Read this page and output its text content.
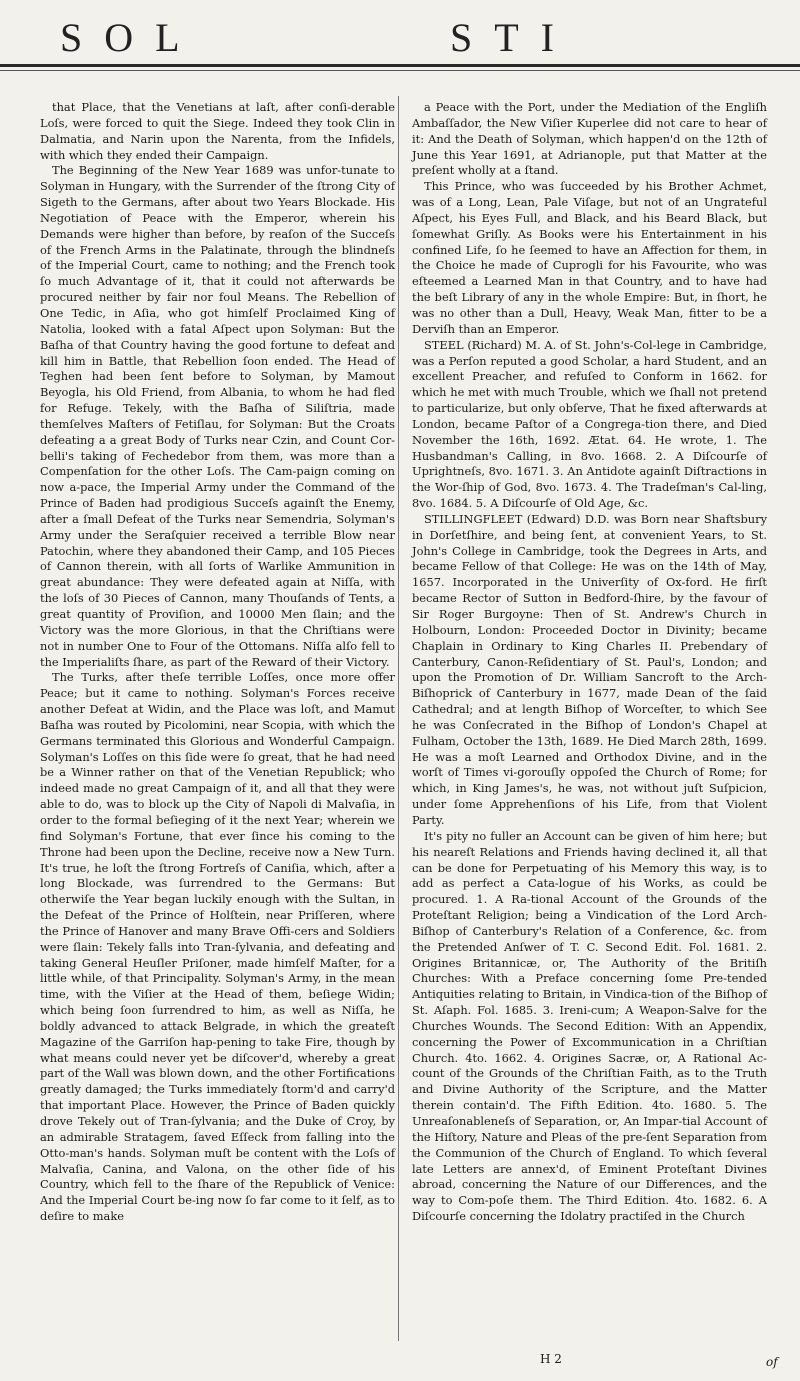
SOL	STI

that Place, that the Venetians at laſt, after conſi-derable Loſs, were forced to quit the Siege. Indeed they took Clin in Dalmatia, and Narin upon the Narenta, from the Infidels, with which they ended their Campaign.

The Beginning of the New Year 1689 was unfor-tunate to Solyman in Hungary, with the Surrender of the ſtrong City of Sigeth to the Germans, after about two Years Blockade. His Negotiation of Peace with the Emperor, wherein his Demands were higher than before, by reaſon of the Succeſs of the French Arms in the Palatinate, through the blindneſs of the Imperial Court, came to nothing; and the French took ſo much Advantage of it, that it could not afterwards be procured neither by fair nor foul Means. The Rebellion of One Tedic, in Aſia, who got himſelf Proclaimed King of Natolia, looked with a fatal Aſpect upon Solyman: But the Baſha of that Country having the good fortune to defeat and kill him in Battle, that Rebellion ſoon ended. The Head of Teghen had been ſent before to Solyman, by Mamout Beyogla, his Old Friend, from Albania, to whom he had fled for Refuge. Tekely, with the Baſha of Siliſtria, made themſelves Maſters of Fetiſlau, for Solyman: But the Croats defeating a a great Body of Turks near Czin, and Count Cor-belli's taking of Fechedebor from them, was more than a Compenſation for the other Loſs. The Cam-paign coming on now a-pace, the Imperial Army under the Command of the Prince of Baden had prodigious Succeſs againſt the Enemy, after a ſmall Defeat of the Turks near Semendria, Solyman's Army under the Seraſquier received a terrible Blow near Patochin, where they abandoned their Camp, and 105 Pieces of Cannon therein, with all ſorts of Warlike Ammunition in great abundance: They were defeated again at Niſſa, with the loſs of 30 Pieces of Cannon, many Thouſands of Tents, a great quantity of Proviſion, and 10000 Men ſlain; and the Victory was the more Glorious, in that the Chriſtians were not in number One to Four of the Ottomans. Niſſa alſo fell to the Imperialiſts ſhare, as part of the Reward of their Victory.

The Turks, after theſe terrible Loſſes, once more offer Peace; but it came to nothing. Solyman's Forces receive another Defeat at Widin, and the Place was loſt, and Mamut Baſha was routed by Picolomini, near Scopia, with which the Germans terminated this Glorious and Wonderful Campaign. Solyman's Loſſes on this ſide were ſo great, that he had need be a Winner rather on that of the Venetian Republick; who indeed made no great Campaign of it, and all that they were able to do, was to block up the City of Napoli di Malvaſia, in order to the formal beſieging of it the next Year; wherein we find Solyman's Fortune, that ever ſince his coming to the Throne had been upon the Decline, receive now a New Turn. It's true, he loſt the ſtrong Fortreſs of Caniſia, which, after a long Blockade, was ſurrendred to the Germans: But otherwiſe the Year began luckily enough with the Sultan, in the Defeat of the Prince of Holſtein, near Priſſeren, where the Prince of Hanover and many Brave Offi-cers and Soldiers were ſlain: Tekely falls into Tran-ſylvania, and defeating and taking General Heuſler Priſoner, made himſelf Maſter, for a little while, of that Principality. Solyman's Army, in the mean time, with the Viſier at the Head of them, beſiege Widin; which being ſoon ſurrendred to him, as well as Niſſa, he boldly advanced to attack Belgrade, in which the greateſt Magazine of the Garriſon hap-pening to take Fire, though by what means could never yet be diſcover'd, whereby a great part of the Wall was blown down, and the other Fortifications greatly damaged; the Turks immediately ſtorm'd and carry'd that important Place. However, the Prince of Baden quickly drove Tekely out of Tran-ſylvania; and the Duke of Croy, by an admirable Stratagem, ſaved Eſſeck from falling into the Otto-man's hands. Solyman muſt be content with the Loſs of Malvaſia, Canina, and Valona, on the other ſide of his Country, which fell to the ſhare of the Republick of Venice: And the Imperial Court be-ing now ſo far come to it ſelf, as to deſire to make

a Peace with the Port, under the Mediation of the Engliſh Ambaſſador, the New Viſier Kuperlee did not care to hear of it: And the Death of Solyman, which happen'd on the 12th of June this Year 1691, at Adrianople, put that Matter at the preſent wholly at a ſtand.

This Prince, who was ſucceeded by his Brother Achmet, was of a Long, Lean, Pale Viſage, but not of an Ungrateful Aſpect, his Eyes Full, and Black, and his Beard Black, but ſomewhat Griſly. As Books were his Entertainment in his confined Life, ſo he ſeemed to have an Affection for them, in the Choice he made of Cuprogli for his Favourite, who was eſteemed a Learned Man in that Country, and to have had the beſt Library of any in the whole Empire: But, in ſhort, he was no other than a Dull, Heavy, Weak Man, fitter to be a Derviſh than an Emperor.

STEEL (Richard) M. A. of St. John's-Col-lege in Cambridge, was a Perſon reputed a good Scholar, a hard Student, and an excellent Preacher, and refuſed to Conform in 1662. for which he met with much Trouble, which we ſhall not pretend to particularize, but only obſerve, That he fixed afterwards at London, became Paſtor of a Congrega-tion there, and Died November the 16th, 1692. Ætat. 64. He wrote, 1. The Husbandman's Calling, in 8vo. 1668. 2. A Diſcourſe of Uprightneſs, 8vo. 1671. 3. An Antidote againſt Diſtractions in the Wor-ſhip of God, 8vo. 1673. 4. The Tradeſman's Cal-ling, 8vo. 1684. 5. A Diſcourſe of Old Age, &c.

STILLINGFLEET (Edward) D.D. was Born near Shaftsbury in Dorſetſhire, and being ſent, at convenient Years, to St. John's College in Cambridge, took the Degrees in Arts, and became Fellow of that College: He was on the 14th of May, 1657. Incorporated in the Univerſity of Ox-ford. He firſt became Rector of Sutton in Bedford-ſhire, by the favour of Sir Roger Burgoyne: Then of St. Andrew's Church in Holbourn, London: Proceeded Doctor in Divinity; became Chaplain in Ordinary to King Charles II. Prebendary of Canterbury, Canon-Reſidentiary of St. Paul's, London; and upon the Promotion of Dr. William Sancroft to the Arch-Biſhoprick of Canterbury in 1677, made Dean of the ſaid Cathedral; and at length Biſhop of Worceſter, to which See he was Conſecrated in the Biſhop of London's Chapel at Fulham, October the 13th, 1689. He Died March 28th, 1699. He was a moſt Learned and Orthodox Divine, and in the worſt of Times vi-gorouſly oppoſed the Church of Rome; for which, in King James's, he was, not without juſt Suſpicion, under ſome Apprehenſions of his Life, from that Violent Party.

It's pity no fuller an Account can be given of him here; but his neareſt Relations and Friends having declined it, all that can be done for Perpetuating of his Memory this way, is to add as perfect a Cata-logue of his Works, as could be procured. 1. A Ra-tional Account of the Grounds of the Proteſtant Religion; being a Vindication of the Lord Arch-Biſhop of Canterbury's Relation of a Conference, &c. from the Pretended Anſwer of T. C. Second Edit. Fol. 1681. 2. Origines Britannicæ, or, The Authority of the Britiſh Churches: With a Preface concerning ſome Pre-tended Antiquities relating to Britain, in Vindica-tion of the Biſhop of St. Aſaph. Fol. 1685. 3. Ireni-cum; A Weapon-Salve for the Churches Wounds. The Second Edition: With an Appendix, concerning the Power of Excommunication in a Chriſtian Church. 4to. 1662. 4. Origines Sacræ, or, A Rational Ac-count of the Grounds of the Chriſtian Faith, as to the Truth and Divine Authority of the Scripture, and the Matter therein contain'd. The Fifth Edition. 4to. 1680. 5. The Unreaſonableneſs of Separation, or, An Impar-tial Account of the Hiſtory, Nature and Pleas of the pre-ſent Separation from the Communion of the Church of England. To which ſeveral late Letters are annex'd, of Eminent Proteſtant Divines abroad, concerning the Nature of our Differences, and the way to Com-poſe them. The Third Edition. 4to. 1682. 6. A Diſcourſe concerning the Idolatry practiſed in the Church

H 2	of
